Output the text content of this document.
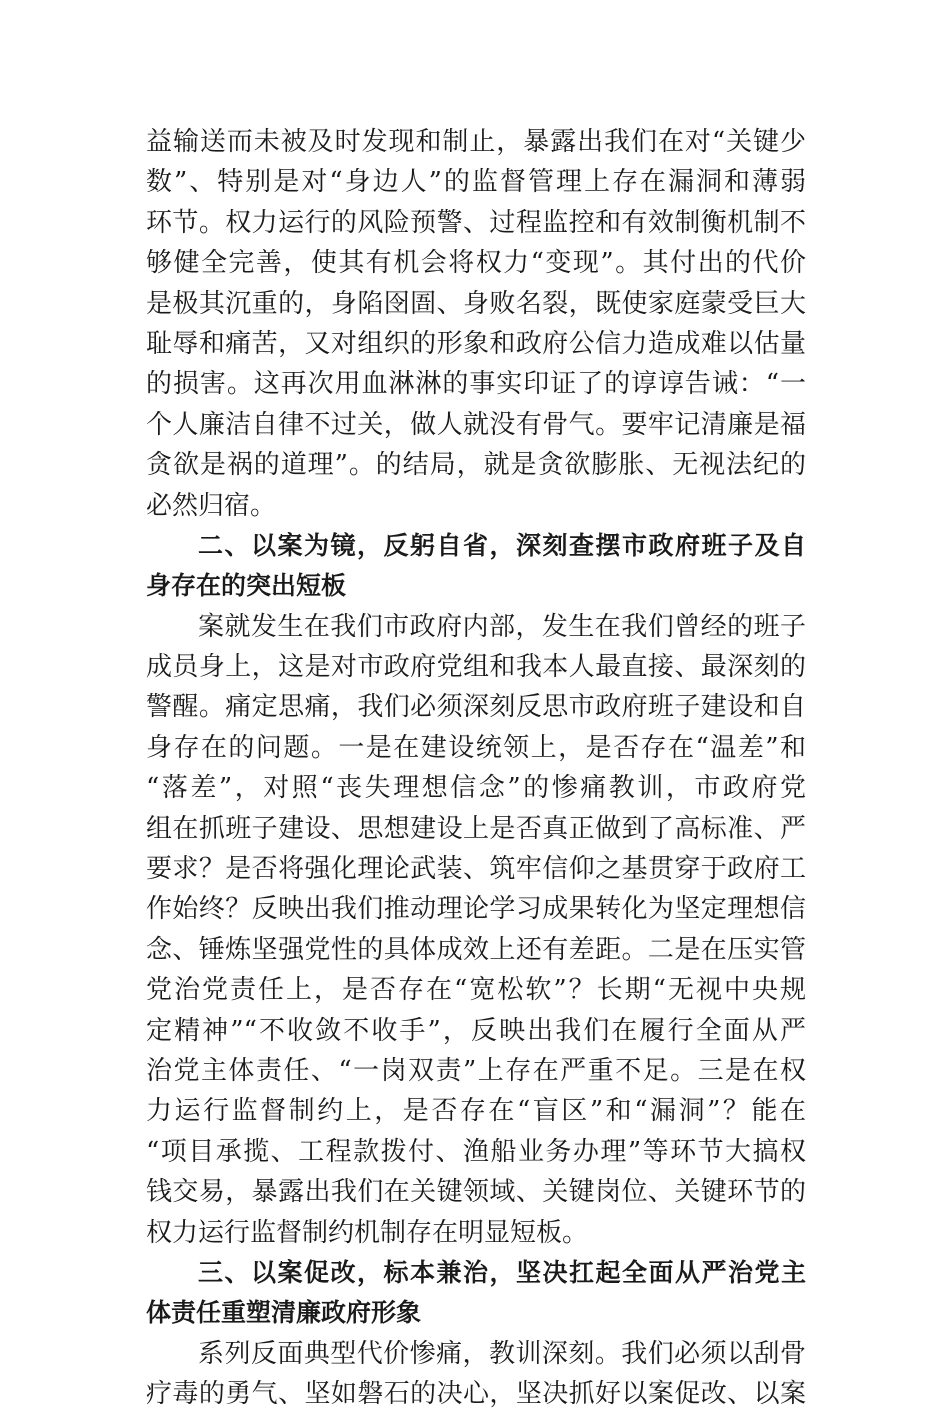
益输送而未被及时发现和制止，暴露出我们在对“关键少
数”、特别是对“身边人”的监督管理上存在漏洞和薄弱
环节。权力运行的风险预警、过程监控和有效制衡机制不
够健全完善，使其有机会将权力“变现”。其付出的代价
是极其沉重的，身陷囹圄、身败名裂，既使家庭蒙受巨大
耻辱和痛苦，又对组织的形象和政府公信力造成难以估量
的损害。这再次用血淋淋的事实印证了的谆谆告诫：“一
个人廉洁自律不过关，做人就没有骨气。要牢记清廉是福
贪欲是祸的道理”。的结局，就是贪欲膨胀、无视法纪的
必然归宿。
二、以案为镜，反躬自省，深刻查摆市政府班子及自
身存在的突出短板
案就发生在我们市政府内部，发生在我们曾经的班子
成员身上，这是对市政府党组和我本人最直接、最深刻的
警醒。痛定思痛，我们必须深刻反思市政府班子建设和自
身存在的问题。一是在建设统领上，是否存在“温差”和
“落差”，对照“丧失理想信念”的惨痛教训，市政府党
组在抓班子建设、思想建设上是否真正做到了高标准、严
要求？是否将强化理论武装、筑牢信仰之基贯穿于政府工
作始终？反映出我们推动理论学习成果转化为坚定理想信
念、锤炼坚强党性的具体成效上还有差距。二是在压实管
党治党责任上，是否存在“宽松软”？长期“无视中央规
定精神”“不收敛不收手”，反映出我们在履行全面从严
治党主体责任、“一岗双责”上存在严重不足。三是在权
力运行监督制约上，是否存在“盲区”和“漏洞”？能在
“项目承揽、工程款拨付、渔船业务办理”等环节大搞权
钱交易，暴露出我们在关键领域、关键岗位、关键环节的
权力运行监督制约机制存在明显短板。
三、以案促改，标本兼治，坚决扛起全面从严治党主
体责任重塑清廉政府形象
系列反面典型代价惨痛，教训深刻。我们必须以刮骨
疗毒的勇气、坚如磐石的决心，坚决抓好以案促改、以案
